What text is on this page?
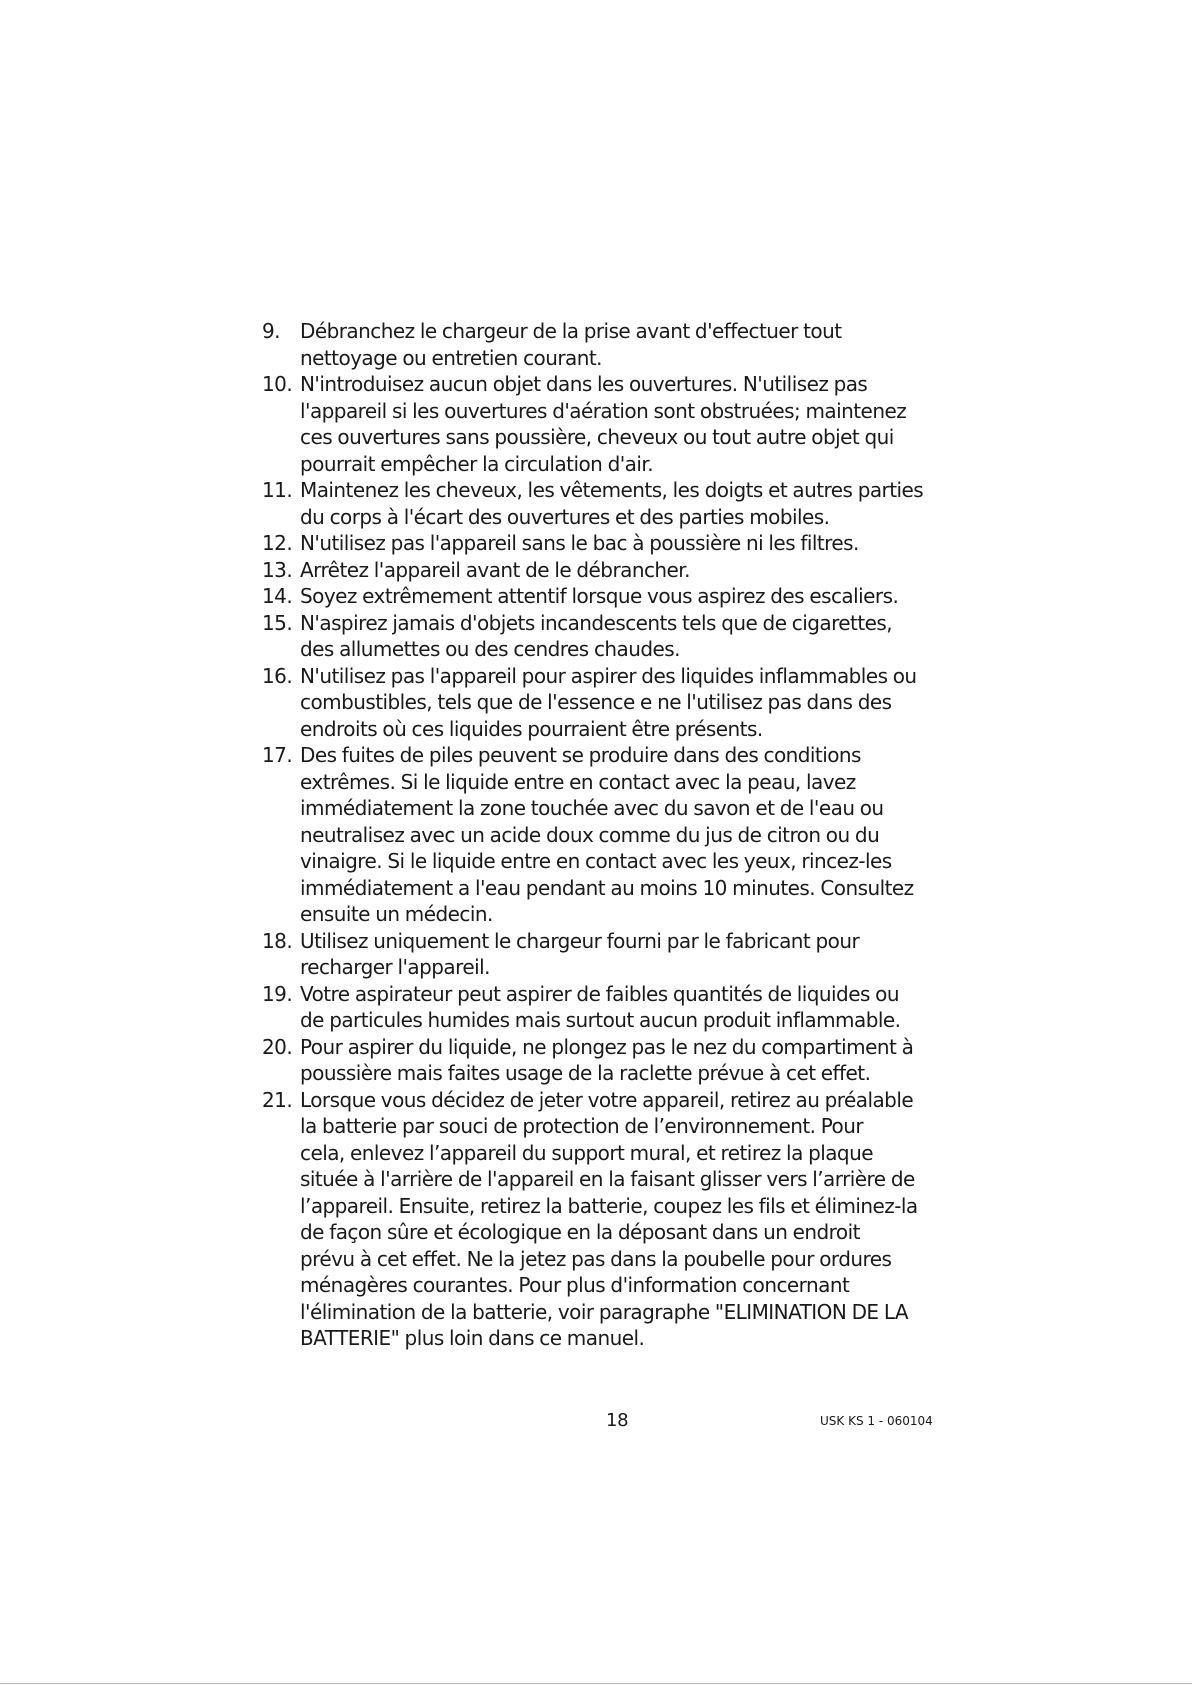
9.	Débranchez le chargeur de la prise avant d'effectuer tout
nettoyage ou entretien courant.
10. N'introduisez aucun objet dans les ouvertures. N'utilisez pas
l'appareil si les ouvertures d'aération sont obstruées; maintenez
ces ouvertures sans poussière, cheveux ou tout autre objet qui
pourrait empêcher la circulation d'air.
11. Maintenez les cheveux, les vêtements, les doigts et autres parties
du corps à l'écart des ouvertures et des parties mobiles.
12. N'utilisez pas l'appareil sans le bac à poussière ni les filtres.
13. Arrêtez l'appareil avant de le débrancher.
14. Soyez extrêmement attentif lorsque vous aspirez des escaliers.
15. N'aspirez jamais d'objets incandescents tels que de cigarettes,
des allumettes ou des cendres chaudes.
16. N'utilisez pas l'appareil pour aspirer des liquides inflammables ou
combustibles, tels que de l'essence e ne l'utilisez pas dans des
endroits où ces liquides pourraient être présents.
17. Des fuites de piles peuvent se produire dans des conditions
extrêmes. Si le liquide entre en contact avec la peau, lavez
immédiatement la zone touchée avec du savon et de l'eau ou
neutralisez avec un acide doux comme du jus de citron ou du
vinaigre. Si le liquide entre en contact avec les yeux, rincez-les
immédiatement a l'eau pendant au moins 10 minutes. Consultez
ensuite un médecin.
18. Utilisez uniquement le chargeur fourni par le fabricant pour
recharger l'appareil.
19. Votre aspirateur peut aspirer de faibles quantités de liquides ou
de particules humides mais surtout aucun produit inflammable.
20. Pour aspirer du liquide, ne plongez pas le nez du compartiment à
poussière mais faites usage de la raclette prévue à cet effet.
21. Lorsque vous décidez de jeter votre appareil, retirez au préalable
la batterie par souci de protection de l’environnement. Pour
cela, enlevez l’appareil du support mural, et retirez la plaque
située à l'arrière de l'appareil en la faisant glisser vers l’arrière de
l’appareil. Ensuite, retirez la batterie, coupez les fils et éliminez-la
de façon sûre et écologique en la déposant dans un endroit
prévu à cet effet. Ne la jetez pas dans la poubelle pour ordures
ménagères courantes. Pour plus d'information concernant
l'élimination de la batterie, voir paragraphe "ELIMINATION DE LA
BATTERIE" plus loin dans ce manuel.
18	USK KS 1 - 060104
